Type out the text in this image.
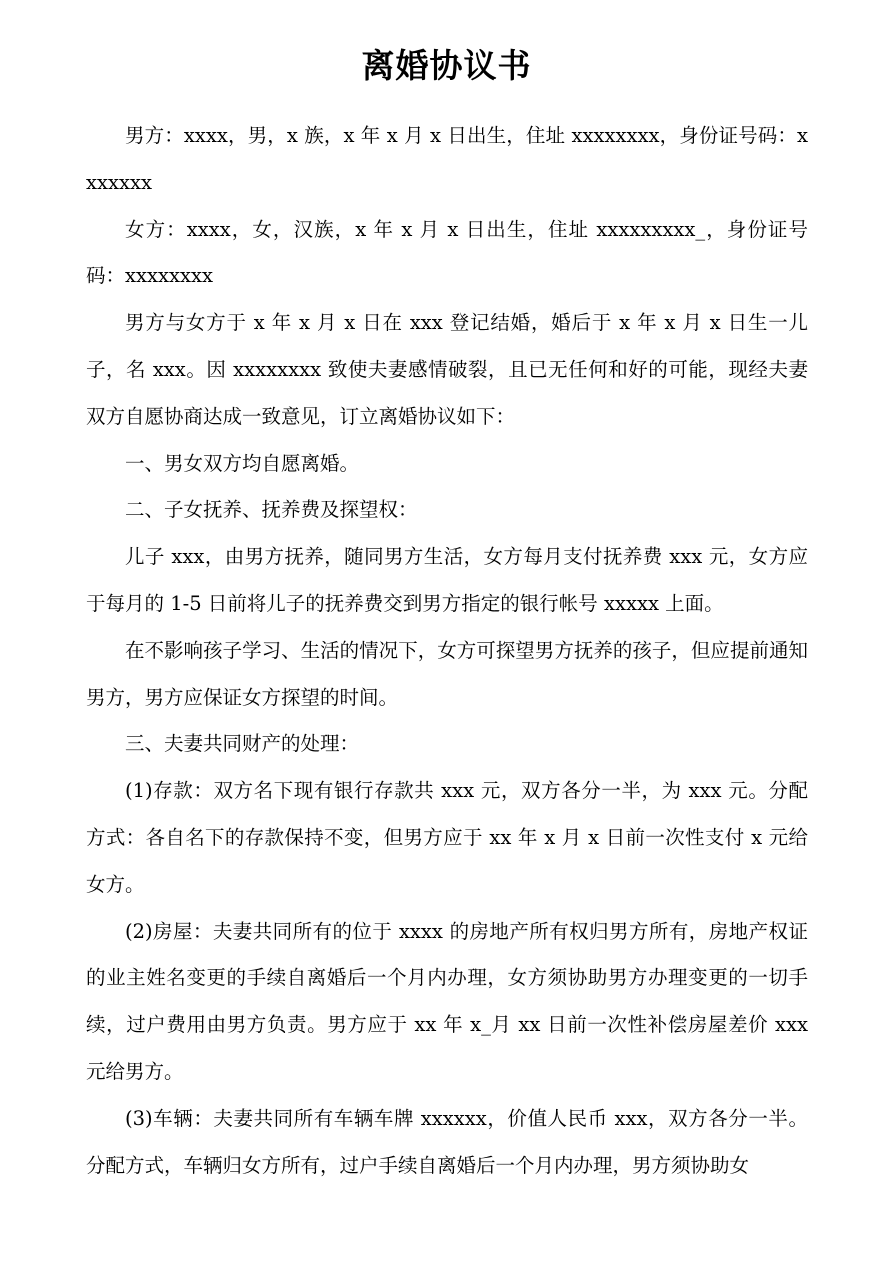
离婚协议书

男方：xxxx，男，x 族，x 年 x 月 x 日出生，住址 xxxxxxxx，身份证号码：xxxxxxx

女方：xxxx，女，汉族，x 年 x 月 x 日出生，住址 xxxxxxxxx_，身份证号码：xxxxxxxx

男方与女方于 x 年 x 月 x 日在 xxx 登记结婚，婚后于 x 年 x 月 x 日生一儿子，名 xxx。因 xxxxxxxx 致使夫妻感情破裂，且已无任何和好的可能，现经夫妻双方自愿协商达成一致意见，订立离婚协议如下：

一、男女双方均自愿离婚。

二、子女抚养、抚养费及探望权：

儿子 xxx，由男方抚养，随同男方生活，女方每月支付抚养费 xxx 元，女方应于每月的 1-5 日前将儿子的抚养费交到男方指定的银行帐号 xxxxx 上面。

在不影响孩子学习、生活的情况下，女方可探望男方抚养的孩子，但应提前通知男方，男方应保证女方探望的时间。

三、夫妻共同财产的处理：

(1)存款：双方名下现有银行存款共 xxx 元，双方各分一半，为 xxx 元。分配方式：各自名下的存款保持不变，但男方应于 xx 年 x 月 x 日前一次性支付 x 元给女方。

(2)房屋：夫妻共同所有的位于 xxxx 的房地产所有权归男方所有，房地产权证的业主姓名变更的手续自离婚后一个月内办理，女方须协助男方办理变更的一切手续，过户费用由男方负责。男方应于 xx 年 x_月 xx 日前一次性补偿房屋差价 xxx 元给男方。

(3)车辆：夫妻共同所有车辆车牌 xxxxxx，价值人民币 xxx，双方各分一半。分配方式，车辆归女方所有，过户手续自离婚后一个月内办理，男方须协助女
